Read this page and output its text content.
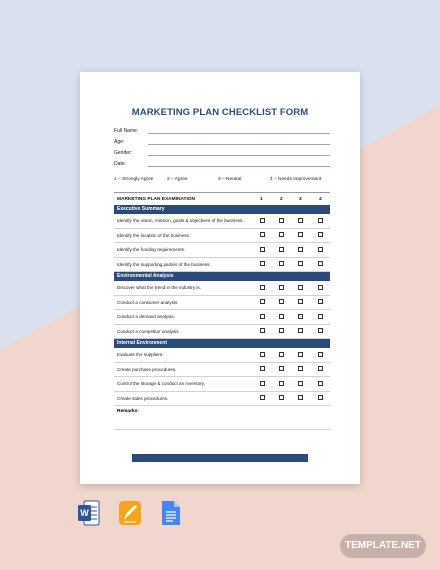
MARKETING PLAN CHECKLIST FORM
Full Name:
Age:
Gender:
Date:
1 – Strongly Agree	2 – Agree	3 – Neutral	4 – Needs Improvement
MARKETING PLAN EXAMINATION	1	2	3	4
Executive Summary
Identify the vision, mission, goals & objectives of the business.
Identify the location of the business.
Identify the funding requirements.
Identify the supporting parties of the business.
Environmental Analysis
Discover what the trend in the industry is.
Conduct a consumer analysis.
Conduct a demand analysis.
Conduct a competitor analysis.
Internal Environment
Evaluate the suppliers.
Create purchase procedures.
Control the storage & conduct an inventory.
Create sales procedures.
Remarks:
W
TEMPLATE.NET
